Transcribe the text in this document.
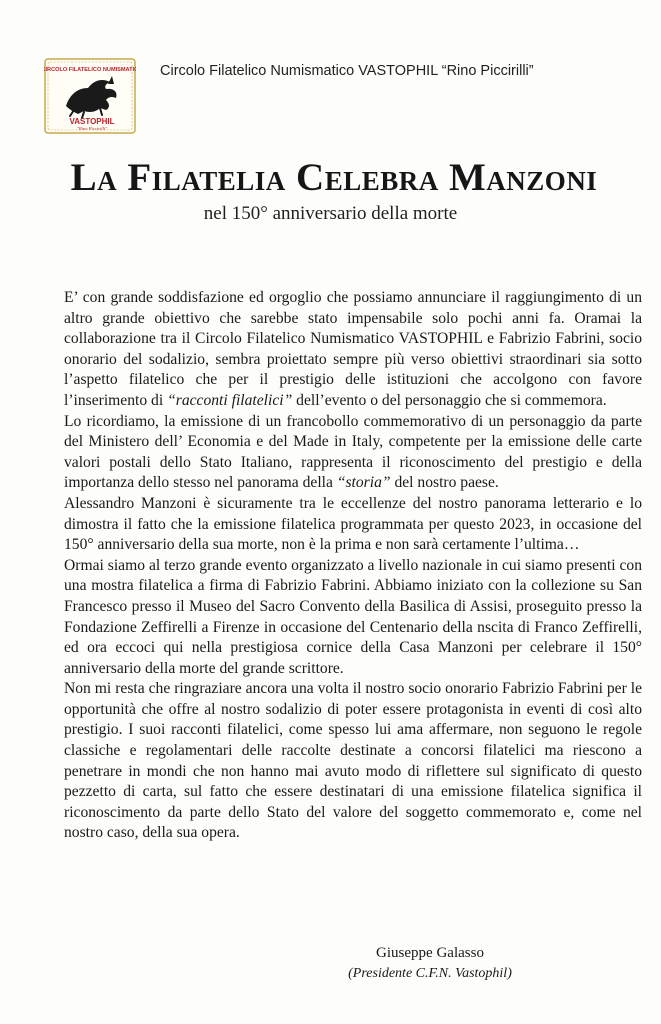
CIRCOLO FILATELICO NUMISMATICO
VASTOPHIL
"Rino Piccirilli"
Circolo Filatelico Numismatico VASTOPHIL “Rino Piccirilli”
La Filatelia Celebra Manzoni
nel 150° anniversario della morte

E’ con grande soddisfazione ed orgoglio che possiamo annunciare il raggiungimento di un altro grande obiettivo che sarebbe stato impensabile solo pochi anni fa. Oramai la collaborazione tra il Circolo Filatelico Numismatico VASTOPHIL e Fabrizio Fabrini, socio onorario del sodalizio, sembra proiettato sempre più verso obiettivi straordinari sia sotto l’aspetto filatelico che per il prestigio delle istituzioni che accolgono con favore l’inserimento di “racconti filatelici” dell’evento o del personaggio che si commemora.

Lo ricordiamo, la emissione di un francobollo commemorativo di un personaggio da parte del Ministero dell’ Economia e del Made in Italy, competente per la emissione delle carte valori postali dello Stato Italiano, rappresenta il riconoscimento del prestigio e della importanza dello stesso nel panorama della “storia” del nostro paese.

Alessandro Manzoni è sicuramente tra le eccellenze del nostro panorama letterario e lo dimostra il fatto che la emissione filatelica programmata per questo 2023, in occasione del 150° anniversario della sua morte, non è la prima e non sarà certamente l’ultima…

Ormai siamo al terzo grande evento organizzato a livello nazionale in cui siamo presenti con una mostra filatelica a firma di Fabrizio Fabrini. Abbiamo iniziato con la collezione su San Francesco presso il Museo del Sacro Convento della Basilica di Assisi, proseguito presso la Fondazione Zeffirelli a Firenze in occasione del Centenario della nscita di Franco Zeffirelli, ed ora eccoci qui nella prestigiosa cornice della Casa Manzoni per celebrare il 150° anniversario della morte del grande scrittore.

Non mi resta che ringraziare ancora una volta il nostro socio onorario Fabrizio Fabrini per le opportunità che offre al nostro sodalizio di poter essere protagonista in eventi di così alto prestigio. I suoi racconti filatelici, come spesso lui ama affermare, non seguono le regole classiche e regolamentari delle raccolte destinate a concorsi filatelici ma riescono a penetrare in mondi che non hanno mai avuto modo di riflettere sul significato di questo pezzetto di carta, sul fatto che essere destinatari di una emissione filatelica significa il riconoscimento da parte dello Stato del valore del soggetto commemorato e, come nel nostro caso, della sua opera.

Giuseppe Galasso
(Presidente C.F.N. Vastophil)
